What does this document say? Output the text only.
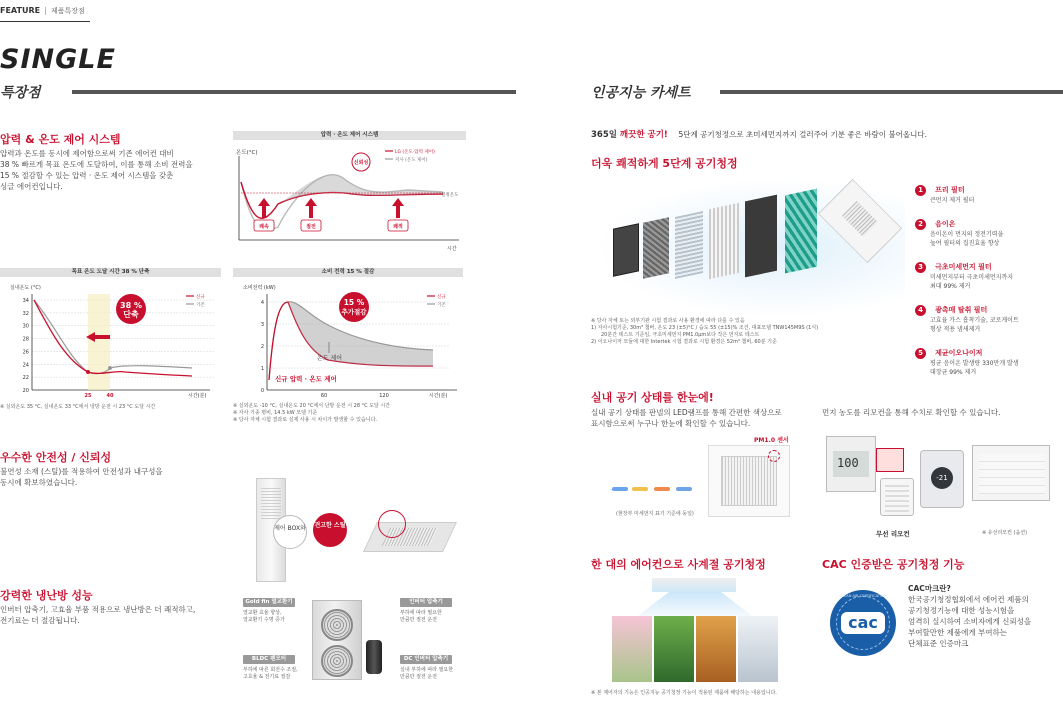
FEATURE | 제품특장점
SINGLE
특장점
압력 & 온도 제어 시스템
압력과 온도를 동시에 제어함으로써 기존 에어컨 대비
38 % 빠르게 목표 온도에 도달하여, 이를 통해 소비 전력을
15 % 절감할 수 있는 압력 · 온도 제어 시스템을 갖춘
싱글 에어컨입니다.
압력 · 온도 제어 시스템
온도(°C)
시간
설정온도
신뢰성
LG (온도·압력 제어)
저사 (온도 제어)
쾌속	절전	쾌적
목표 온도 도달 시간 38 % 단축
실내온도 (°C)
34
32
30
28
26
24
22
20
38 %
단축
신규
기존
25	40	시간(분)
※ 실외온도 35 °C, 실내온도 33 °C에서 냉방 운전 시 23 °C 도달 시간
소비 전력 15 % 절감
소비전력 (kW)
4
3
2
1
0
15 %
추가절감
신규
기존
온도 제어
신규 압력 · 온도 제어
60	120	시간(분)
※ 실외온도 -10 °C, 실내온도 20 °C에서 난방 운전 시 28 °C 도달 시간
※ 자사 기종 평비, 14.5 kW 모델 기준
※ 당사 자체 시험 결과로 실제 사용 시 차이가 발생할 수 있습니다.
우수한 안전성 / 신뢰성
불연성 소재 (스틸)를 적용하여 안전성과 내구성을
동시에 확보하였습니다.
제어 BOX와 견고한 스틸
강력한 냉난방 성능
인버터 압축기, 고효율 부품 적용으로 냉난방은 더 쾌적하고,
전기료는 더 절감됩니다.
Gold fin 열교환기
열교환 효율 향상,
열교환기 수명 증가
인버터 압축기
부하에 따라 필요한
만큼만 절전 운전
BLDC 팬모터
부하에 따른 회전수 조절,
고효율 & 전기료 절감
DC 인버터 압축기
실내 부하에 따라 필요한
만큼만 절전 운전
인공지능 카세트
365일 깨끗한 공기! 5단계 공기청정으로 초미세먼지까지 걸러주어 기분 좋은 바람이 불어옵니다.
더욱 쾌적하게 5단계 공기청정
1 프리 필터
큰먼지 제거 필터
2 음이온
음이온이 먼지의 정전기력을
높여 필터의 집진효율 향상
3 극초미세먼지 필터
미세먼지부터 극초미세먼지까지
최대 99% 제거
4 광촉매 탈취 필터
고효율 가스 흡착기술, 코로게이트
형상 적용 냄새제거
5 제균이오나이저
평균 음이온 발생량 330만개 발생
대장균 99% 제거
※ 당사 자체 또는 외부기관 시험 결과로 사용 환경에 따라 다를 수 있음
1) 자사시험기준, 30m³ 챔버, 온도 23 (±5)°C / 습도 55 (±15)% 조건, 대표모델 TNW145M9S (1식)
20분간 테스트 기준임, 극초미세먼지 PM1.0μm보다 작은 먼지로 테스트
2) 이오나이저 모듈에 대한 Intertek 시험 결과로 시험 환경은 52m³ 챔버, 60분 기준
실내 공기 상태를 한눈에!
실내 공기 상태를 판넬의 LED램프를 통해 간편한 색상으로
표시함으로써 누구나 한눈에 확인할 수 있습니다.
·
(현장부 미세먼지 표기 기준에 동일)
PM1.0 센서
먼지 농도를 리모컨을 통해 수치로 확인할 수 있습니다.
100
-21
무선 리모컨	※ 유선리모컨 (옵션)
한 대의 에어컨으로 사계절 공기청정
※ 본 제어자의 기능은 인공지능 공기청정 기능이 적용된 제품에 해당하는 내용입니다.
CAC 인증받은 공기청정 기능
cac
CLEAN AIR CERTIFICATION
CAC마크란?
한국공기청정협회에서 에어컨 제품의
공기청정기능에 대한 성능시험을
엄격히 실시하여 소비자에게 신뢰성을
부여할만한 제품에게 부여하는
단체표준 인증마크
